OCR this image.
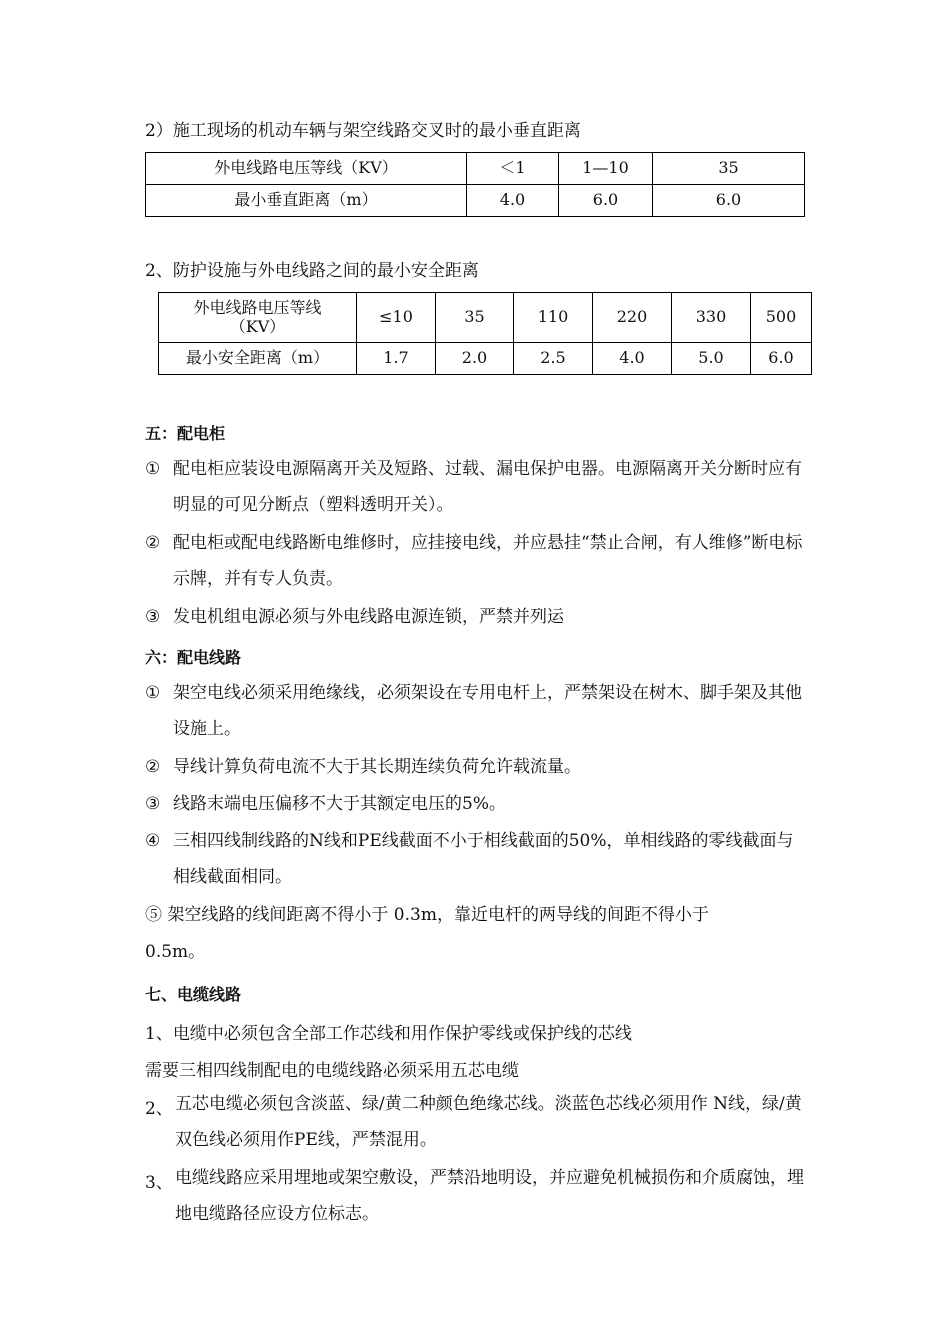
2）施工现场的机动车辆与架空线路交叉时的最小垂直距离
外电线路电压等线（KV）	＜1	1—10	35
最小垂直距离（m）	4.0	6.0	6.0
2、防护设施与外电线路之间的最小安全距离
外电线路电压等线（KV）	≤10	35	110	220	330	500
最小安全距离（m）	1.7	2.0	2.5	4.0	5.0	6.0
五：配电柜
① 配电柜应装设电源隔离开关及短路、过载、漏电保护电器。电源隔离开关分断时应有明显的可见分断点（塑料透明开关）。
② 配电柜或配电线路断电维修时，应挂接电线，并应悬挂“禁止合闸，有人维修”断电标示牌，并有专人负责。
③ 发电机组电源必须与外电线路电源连锁，严禁并列运
六：配电线路
① 架空电线必须采用绝缘线，必须架设在专用电杆上，严禁架设在树木、脚手架及其他设施上。
② 导线计算负荷电流不大于其长期连续负荷允许载流量。
③ 线路末端电压偏移不大于其额定电压的5%。
④ 三相四线制线路的N线和PE线截面不小于相线截面的50%，单相线路的零线截面与相线截面相同。
⑤ 架空线路的线间距离不得小于 0.3m，靠近电杆的两导线的间距不得小于
0.5m。
七、电缆线路
1、电缆中必须包含全部工作芯线和用作保护零线或保护线的芯线
需要三相四线制配电的电缆线路必须采用五芯电缆
2、 五芯电缆必须包含淡蓝、绿/黄二种颜色绝缘芯线。淡蓝色芯线必须用作 N线，绿/黄双色线必须用作PE线，严禁混用。
3、 电缆线路应采用埋地或架空敷设，严禁沿地明设，并应避免机械损伤和介质腐蚀，埋地电缆路径应设方位标志。
